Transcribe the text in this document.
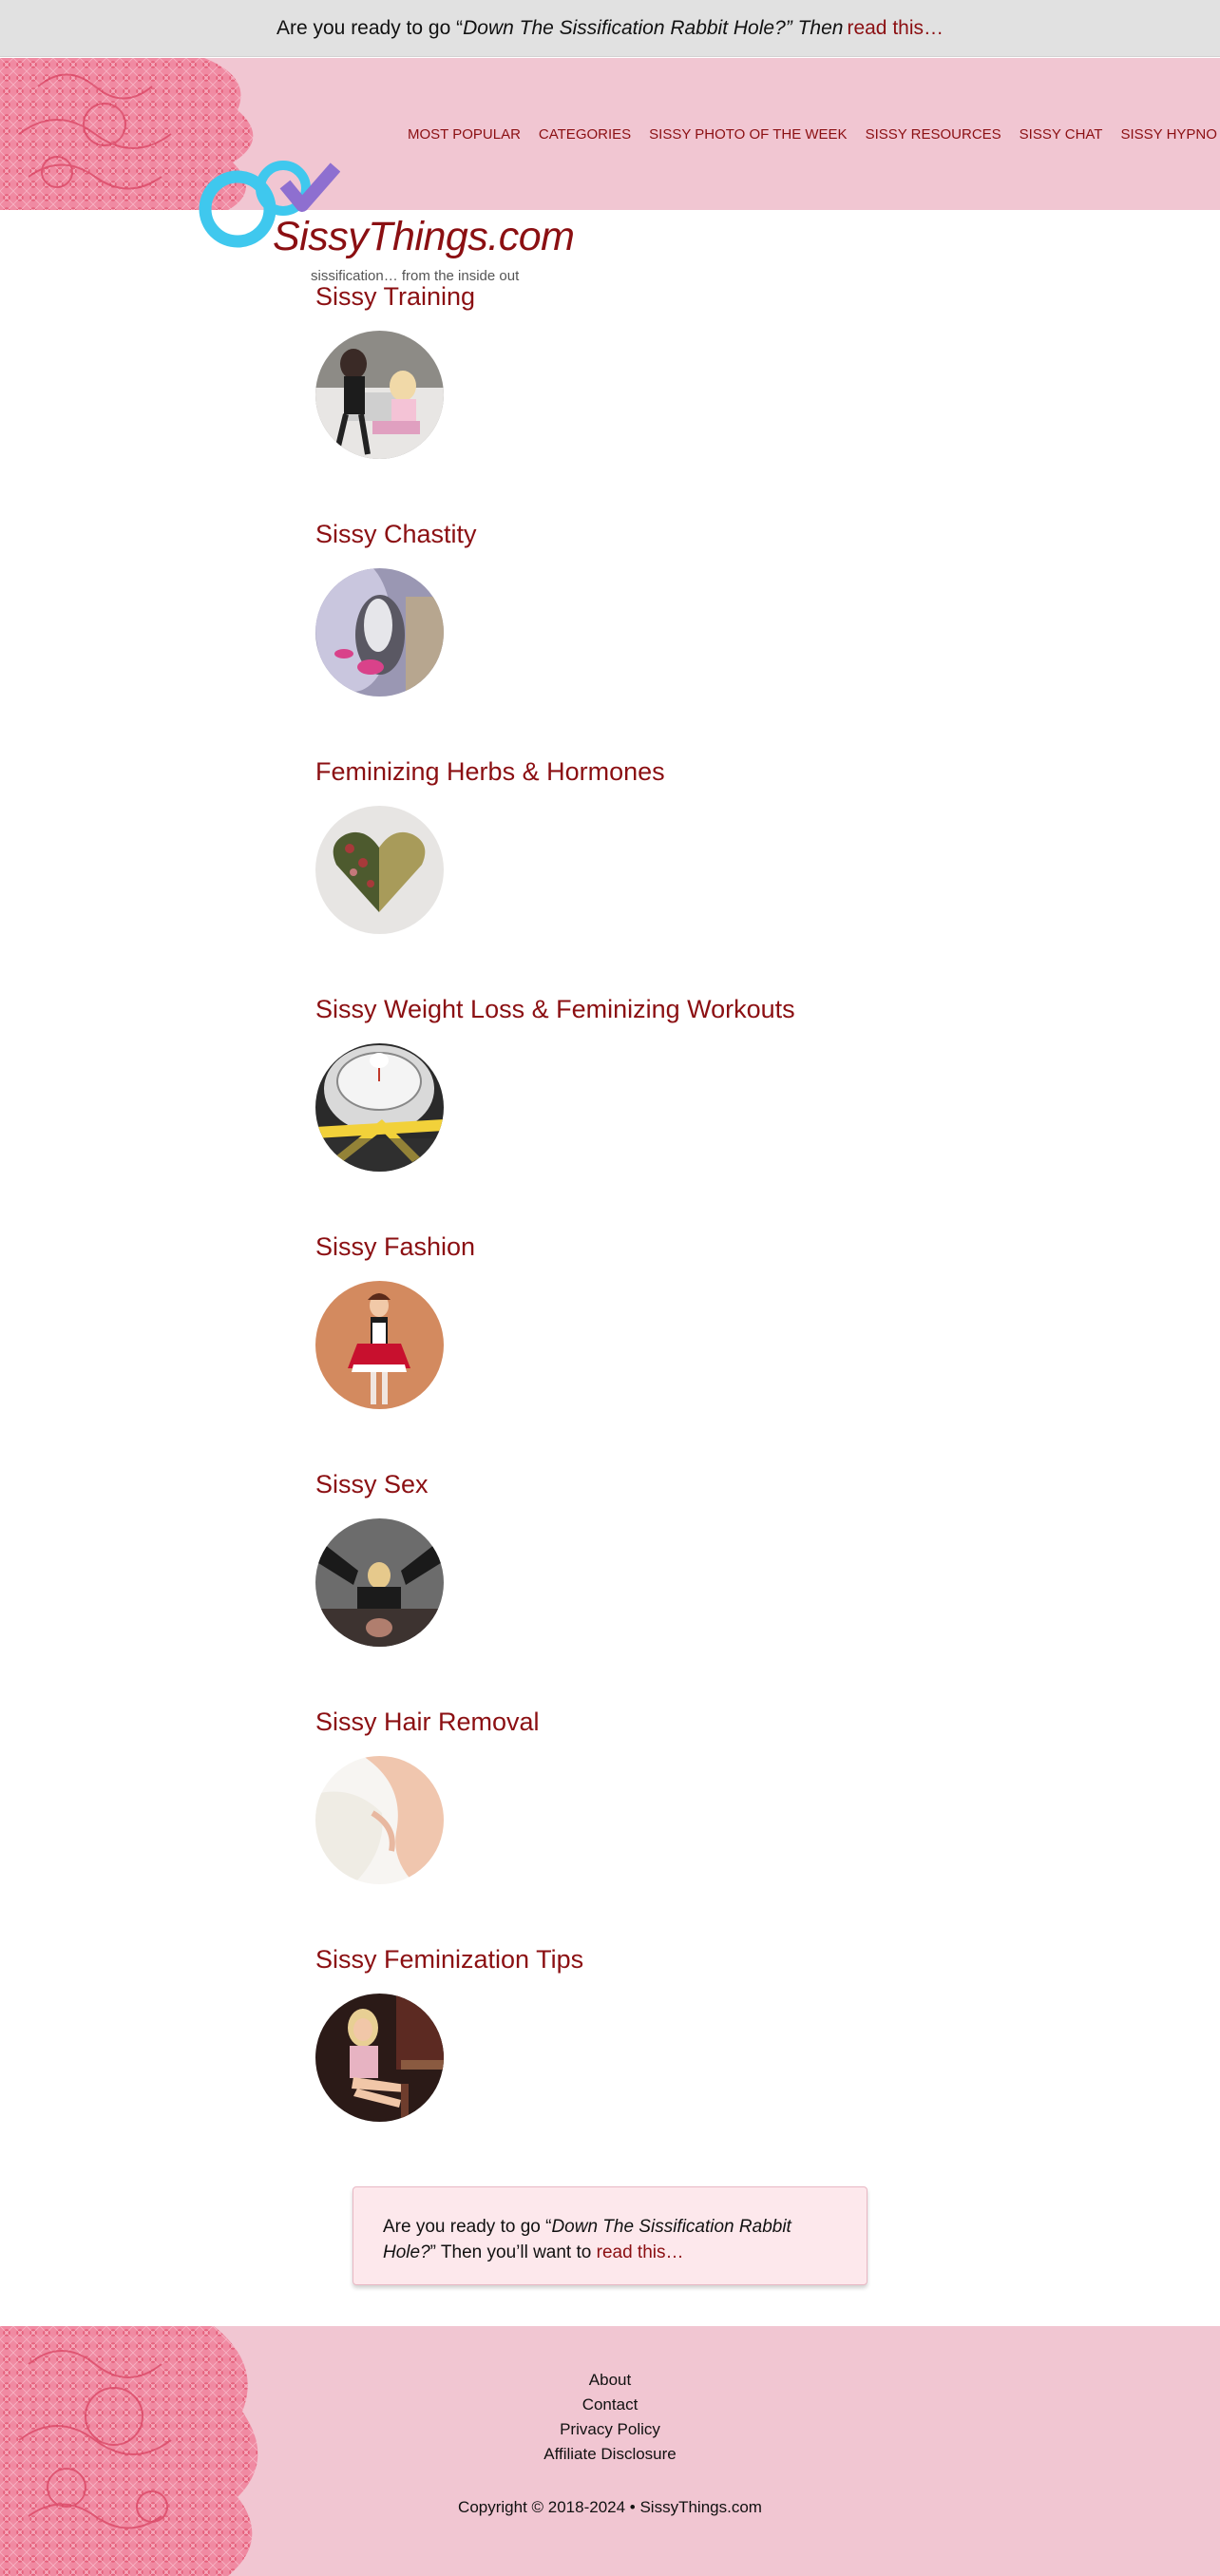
Are you ready to go “ Down The Sissification Rabbit Hole?” Then read this…
MOST POPULAR CATEGORIES SISSY PHOTO OF THE WEEK SISSY RESOURCES SISSY CHAT SISSY HYPNO
SissyThings.com
sissification… from the inside out
Sissy Training
Sissy Chastity
Feminizing Herbs & Hormones
Sissy Weight Loss & Feminizing Workouts
Sissy Fashion
Sissy Sex
Sissy Hair Removal
Sissy Feminization Tips
Are you ready to go “Down The Sissification Rabbit Hole?” Then you’ll want to read this…
About
Contact
Privacy Policy
Affiliate Disclosure
Copyright © 2018-2024 • SissyThings.com
